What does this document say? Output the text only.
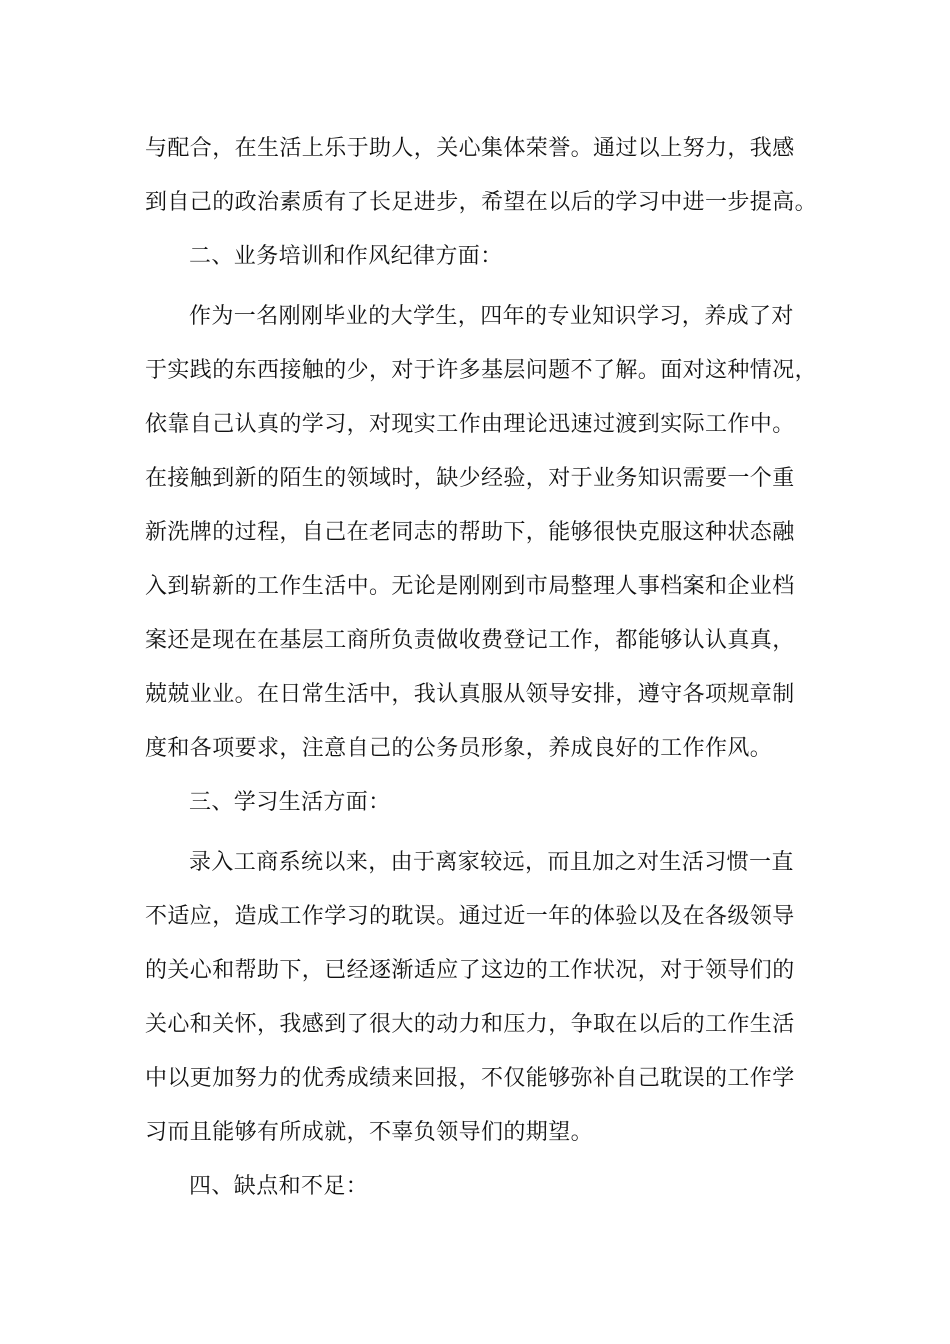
与配合，在生活上乐于助人，关心集体荣誉。通过以上努力，我感
到自己的政治素质有了长足进步，希望在以后的学习中进一步提高。
二、业务培训和作风纪律方面：
作为一名刚刚毕业的大学生，四年的专业知识学习，养成了对
于实践的东西接触的少，对于许多基层问题不了解。面对这种情况，
依靠自己认真的学习，对现实工作由理论迅速过渡到实际工作中。
在接触到新的陌生的领域时，缺少经验，对于业务知识需要一个重
新洗牌的过程，自己在老同志的帮助下，能够很快克服这种状态融
入到崭新的工作生活中。无论是刚刚到市局整理人事档案和企业档
案还是现在在基层工商所负责做收费登记工作，都能够认认真真，
兢兢业业。在日常生活中，我认真服从领导安排，遵守各项规章制
度和各项要求，注意自己的公务员形象，养成良好的工作作风。
三、学习生活方面：
录入工商系统以来，由于离家较远，而且加之对生活习惯一直
不适应，造成工作学习的耽误。通过近一年的体验以及在各级领导
的关心和帮助下，已经逐渐适应了这边的工作状况，对于领导们的
关心和关怀，我感到了很大的动力和压力，争取在以后的工作生活
中以更加努力的优秀成绩来回报，不仅能够弥补自己耽误的工作学
习而且能够有所成就，不辜负领导们的期望。
四、缺点和不足：
